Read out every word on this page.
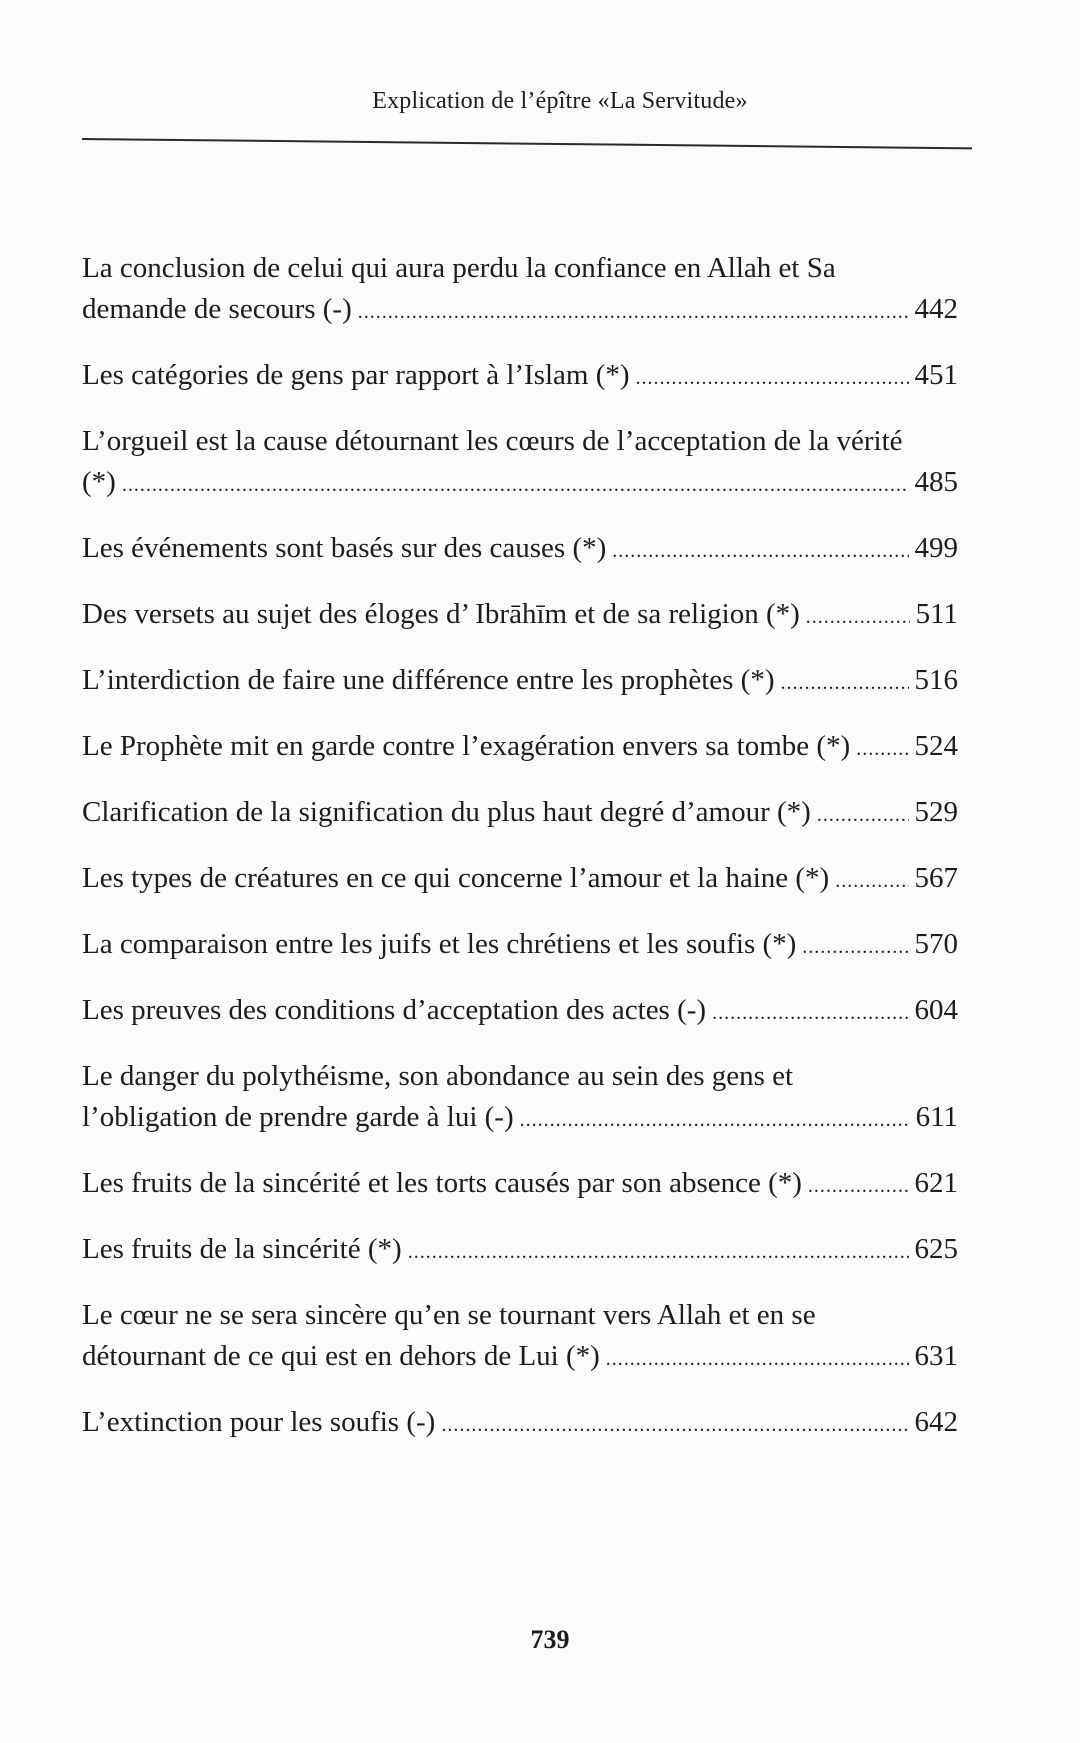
Explication de l’épître «La Servitude»
La conclusion de celui qui aura perdu la confiance en Allah et Sa
demande de secours (-) .....	442
Les catégories de gens par rapport à l’Islam (*) .....	451
L’orgueil est la cause détournant les cœurs de l’acceptation de la vérité
(*) .....	485
Les événements sont basés sur des causes (*) .....	499
Des versets au sujet des éloges d’ Ibrāhīm et de sa religion (*) .....	511
L’interdiction de faire une différence entre les prophètes (*) .....	516
Le Prophète mit en garde contre l’exagération envers sa tombe (*) ..... 524
Clarification de la signification du plus haut degré d’amour (*) .....	529
Les types de créatures en ce qui concerne l’amour et la haine (*) .....	567
La comparaison entre les juifs et les chrétiens et les soufis (*) .....	570
Les preuves des conditions d’acceptation des actes (-) .....	604
Le danger du polythéisme, son abondance au sein des gens et
l’obligation de prendre garde à lui (-) .....	611
Les fruits de la sincérité et les torts causés par son absence (*) .....	621
Les fruits de la sincérité (*) .....	625
Le cœur ne se sera sincère qu’en se tournant vers Allah et en se
détournant de ce qui est en dehors de Lui (*) .....	631
L’extinction pour les soufis (-) .....	642
739
